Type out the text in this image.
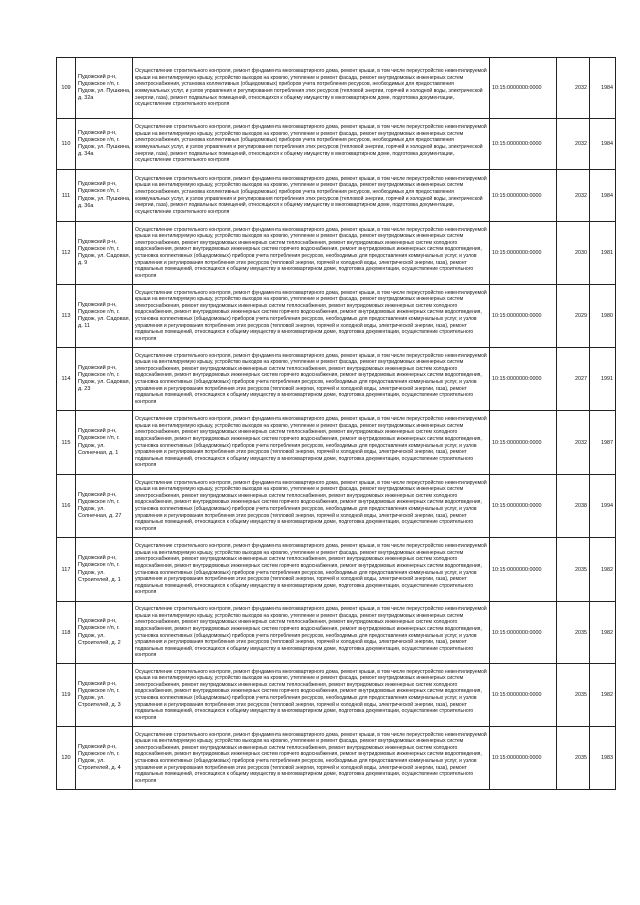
109	Пудожский р-н, Пудожское г/п, г. Пудож, ул. Пушкина, д. 32а	Осуществление строительного контроля, ремонт фундамента многоквартирного дома, ремонт крыши, в том числе переустройство невентилируемой крыши на вентилируемую крышу, устройство выходов на кровлю, утепление и ремонт фасада, ремонт внутридомовых инженерных систем электроснабжения, установка коллективных (общедомовых) приборов учета потребления ресурсов, необходимых для предоставления коммунальных услуг, и узлов управления и регулирования потребления этих ресурсов (тепловой энергии, горячей и холодной воды, электрической энергии, газа), ремонт подвальных помещений, относящихся к общему имуществу в многоквартирном доме, подготовка документации, осуществление строительного контроля	10:15:0000000:0000	2032	1984
110	Пудожский р-н, Пудожское г/п, г. Пудож, ул. Пушкина, д. 34а	Осуществление строительного контроля, ремонт фундамента многоквартирного дома, ремонт крыши, в том числе переустройство невентилируемой крыши на вентилируемую крышу, устройство выходов на кровлю, утепление и ремонт фасада, ремонт внутридомовых инженерных систем электроснабжения, установка коллективных (общедомовых) приборов учета потребления ресурсов, необходимых для предоставления коммунальных услуг, и узлов управления и регулирования потребления этих ресурсов (тепловой энергии, горячей и холодной воды, электрической энергии, газа), ремонт подвальных помещений, относящихся к общему имуществу в многоквартирном доме, подготовка документации, осуществление строительного контроля	10:15:0000000:0000	2032	1984
111	Пудожский р-н, Пудожское г/п, г. Пудож, ул. Пушкина, д. 36а	Осуществление строительного контроля, ремонт фундамента многоквартирного дома, ремонт крыши, в том числе переустройство невентилируемой крыши на вентилируемую крышу, устройство выходов на кровлю, утепление и ремонт фасада, ремонт внутридомовых инженерных систем электроснабжения, установка коллективных (общедомовых) приборов учета потребления ресурсов, необходимых для предоставления коммунальных услуг, и узлов управления и регулирования потребления этих ресурсов (тепловой энергии, горячей и холодной воды, электрической энергии, газа), ремонт подвальных помещений, относящихся к общему имуществу в многоквартирном доме, подготовка документации, осуществление строительного контроля	10:15:0000000:0000	2032	1984
112	Пудожский р-н, Пудожское г/п, г. Пудож, ул. Садовая, д. 9	Осуществление строительного контроля, ремонт фундамента многоквартирного дома, ремонт крыши, в том числе переустройство невентилируемой крыши на вентилируемую крышу, устройство выходов на кровлю, утепление и ремонт фасада, ремонт внутридомовых инженерных систем электроснабжения, ремонт внутридомовых инженерных систем теплоснабжения, ремонт внутридомовых инженерных систем холодного водоснабжения, ремонт внутридомовых инженерных систем горячего водоснабжения, ремонт внутридомовых инженерных систем водоотведения, установка коллективных (общедомовых) приборов учета потребления ресурсов, необходимых для предоставления коммунальных услуг, и узлов управления и регулирования потребления этих ресурсов (тепловой энергии, горячей и холодной воды, электрической энергии, газа), ремонт подвальных помещений, относящихся к общему имуществу в многоквартирном доме, подготовка документации, осуществление строительного контроля	10:15:0000000:0000	2030	1981
113	Пудожский р-н, Пудожское г/п, г. Пудож, ул. Садовая, д. 11	Осуществление строительного контроля, ремонт фундамента многоквартирного дома, ремонт крыши, в том числе переустройство невентилируемой крыши на вентилируемую крышу, устройство выходов на кровлю, утепление и ремонт фасада, ремонт внутридомовых инженерных систем электроснабжения, ремонт внутридомовых инженерных систем теплоснабжения, ремонт внутридомовых инженерных систем холодного водоснабжения, ремонт внутридомовых инженерных систем горячего водоснабжения, ремонт внутридомовых инженерных систем водоотведения, установка коллективных (общедомовых) приборов учета потребления ресурсов, необходимых для предоставления коммунальных услуг, и узлов управления и регулирования потребления этих ресурсов (тепловой энергии, горячей и холодной воды, электрической энергии, газа), ремонт подвальных помещений, относящихся к общему имуществу в многоквартирном доме, подготовка документации, осуществление строительного контроля	10:15:0000000:0000	2029	1980
114	Пудожский р-н, Пудожское г/п, г. Пудож, ул. Садовая, д. 23	Осуществление строительного контроля, ремонт фундамента многоквартирного дома, ремонт крыши, в том числе переустройство невентилируемой крыши на вентилируемую крышу, устройство выходов на кровлю, утепление и ремонт фасада, ремонт внутридомовых инженерных систем электроснабжения, ремонт внутридомовых инженерных систем теплоснабжения, ремонт внутридомовых инженерных систем холодного водоснабжения, ремонт внутридомовых инженерных систем горячего водоснабжения, ремонт внутридомовых инженерных систем водоотведения, установка коллективных (общедомовых) приборов учета потребления ресурсов, необходимых для предоставления коммунальных услуг, и узлов управления и регулирования потребления этих ресурсов (тепловой энергии, горячей и холодной воды, электрической энергии, газа), ремонт подвальных помещений, относящихся к общему имуществу в многоквартирном доме, подготовка документации, осуществление строительного контроля	10:15:0000000:0000	2027	1991
115	Пудожский р-н, Пудожское г/п, г. Пудож, ул. Солнечная, д. 1	Осуществление строительного контроля, ремонт фундамента многоквартирного дома, ремонт крыши, в том числе переустройство невентилируемой крыши на вентилируемую крышу, устройство выходов на кровлю, утепление и ремонт фасада, ремонт внутридомовых инженерных систем электроснабжения, ремонт внутридомовых инженерных систем теплоснабжения, ремонт внутридомовых инженерных систем холодного водоснабжения, ремонт внутридомовых инженерных систем горячего водоснабжения, ремонт внутридомовых инженерных систем водоотведения, установка коллективных (общедомовых) приборов учета потребления ресурсов, необходимых для предоставления коммунальных услуг, и узлов управления и регулирования потребления этих ресурсов (тепловой энергии, горячей и холодной воды, электрической энергии, газа), ремонт подвальных помещений, относящихся к общему имуществу в многоквартирном доме, подготовка документации, осуществление строительного контроля	10:15:0000000:0000	2032	1987
116	Пудожский р-н, Пудожское г/п, г. Пудож, ул. Солнечная, д. 27	Осуществление строительного контроля, ремонт фундамента многоквартирного дома, ремонт крыши, в том числе переустройство невентилируемой крыши на вентилируемую крышу, устройство выходов на кровлю, утепление и ремонт фасада, ремонт внутридомовых инженерных систем электроснабжения, ремонт внутридомовых инженерных систем теплоснабжения, ремонт внутридомовых инженерных систем холодного водоснабжения, ремонт внутридомовых инженерных систем горячего водоснабжения, ремонт внутридомовых инженерных систем водоотведения, установка коллективных (общедомовых) приборов учета потребления ресурсов, необходимых для предоставления коммунальных услуг, и узлов управления и регулирования потребления этих ресурсов (тепловой энергии, горячей и холодной воды, электрической энергии, газа), ремонт подвальных помещений, относящихся к общему имуществу в многоквартирном доме, подготовка документации, осуществление строительного контроля	10:15:0000000:0000	2038	1994
117	Пудожский р-н, Пудожское г/п, г. Пудож, ул. Строителей, д. 1	Осуществление строительного контроля, ремонт фундамента многоквартирного дома, ремонт крыши, в том числе переустройство невентилируемой крыши на вентилируемую крышу, устройство выходов на кровлю, утепление и ремонт фасада, ремонт внутридомовых инженерных систем электроснабжения, ремонт внутридомовых инженерных систем теплоснабжения, ремонт внутридомовых инженерных систем холодного водоснабжения, ремонт внутридомовых инженерных систем горячего водоснабжения, ремонт внутридомовых инженерных систем водоотведения, установка коллективных (общедомовых) приборов учета потребления ресурсов, необходимых для предоставления коммунальных услуг, и узлов управления и регулирования потребления этих ресурсов (тепловой энергии, горячей и холодной воды, электрической энергии, газа), ремонт подвальных помещений, относящихся к общему имуществу в многоквартирном доме, подготовка документации, осуществление строительного контроля	10:15:0000000:0000	2035	1982
118	Пудожский р-н, Пудожское г/п, г. Пудож, ул. Строителей, д. 2	Осуществление строительного контроля, ремонт фундамента многоквартирного дома, ремонт крыши, в том числе переустройство невентилируемой крыши на вентилируемую крышу, устройство выходов на кровлю, утепление и ремонт фасада, ремонт внутридомовых инженерных систем электроснабжения, ремонт внутридомовых инженерных систем теплоснабжения, ремонт внутридомовых инженерных систем холодного водоснабжения, ремонт внутридомовых инженерных систем горячего водоснабжения, ремонт внутридомовых инженерных систем водоотведения, установка коллективных (общедомовых) приборов учета потребления ресурсов, необходимых для предоставления коммунальных услуг, и узлов управления и регулирования потребления этих ресурсов (тепловой энергии, горячей и холодной воды, электрической энергии, газа), ремонт подвальных помещений, относящихся к общему имуществу в многоквартирном доме, подготовка документации, осуществление строительного контроля	10:15:0000000:0000	2035	1982
119	Пудожский р-н, Пудожское г/п, г. Пудож, ул. Строителей, д. 3	Осуществление строительного контроля, ремонт фундамента многоквартирного дома, ремонт крыши, в том числе переустройство невентилируемой крыши на вентилируемую крышу, устройство выходов на кровлю, утепление и ремонт фасада, ремонт внутридомовых инженерных систем электроснабжения, ремонт внутридомовых инженерных систем теплоснабжения, ремонт внутридомовых инженерных систем холодного водоснабжения, ремонт внутридомовых инженерных систем горячего водоснабжения, ремонт внутридомовых инженерных систем водоотведения, установка коллективных (общедомовых) приборов учета потребления ресурсов, необходимых для предоставления коммунальных услуг, и узлов управления и регулирования потребления этих ресурсов (тепловой энергии, горячей и холодной воды, электрической энергии, газа), ремонт подвальных помещений, относящихся к общему имуществу в многоквартирном доме, подготовка документации, осуществление строительного контроля	10:15:0000000:0000	2035	1982
120	Пудожский р-н, Пудожское г/п, г. Пудож, ул. Строителей, д. 4	Осуществление строительного контроля, ремонт фундамента многоквартирного дома, ремонт крыши, в том числе переустройство невентилируемой крыши на вентилируемую крышу, устройство выходов на кровлю, утепление и ремонт фасада, ремонт внутридомовых инженерных систем электроснабжения, ремонт внутридомовых инженерных систем теплоснабжения, ремонт внутридомовых инженерных систем холодного водоснабжения, ремонт внутридомовых инженерных систем горячего водоснабжения, ремонт внутридомовых инженерных систем водоотведения, установка коллективных (общедомовых) приборов учета потребления ресурсов, необходимых для предоставления коммунальных услуг, и узлов управления и регулирования потребления этих ресурсов (тепловой энергии, горячей и холодной воды, электрической энергии, газа), ремонт подвальных помещений, относящихся к общему имуществу в многоквартирном доме, подготовка документации, осуществление строительного контроля	10:15:0000000:0000	2035	1983
